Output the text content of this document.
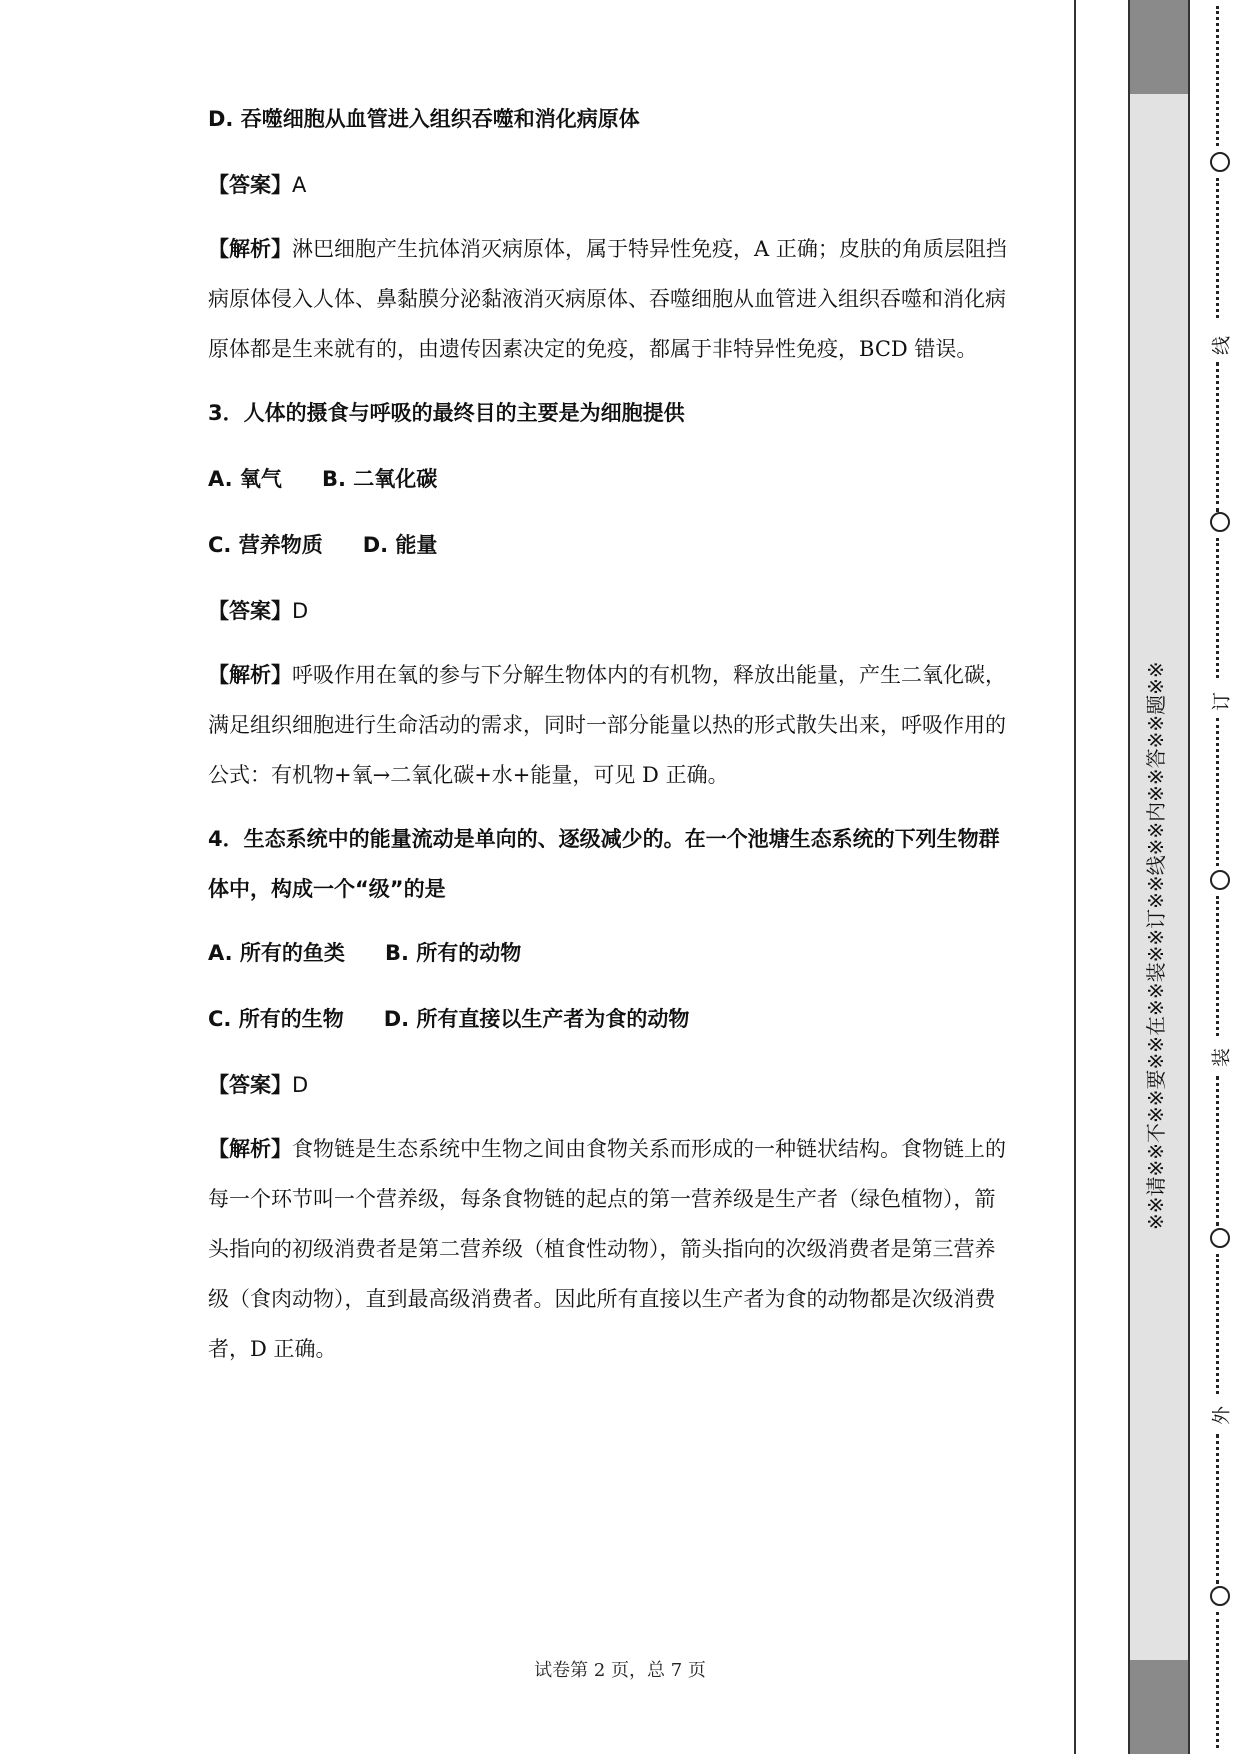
D. 吞噬细胞从血管进入组织吞噬和消化病原体
【答案】A
【解析】淋巴细胞产生抗体消灭病原体，属于特异性免疫，A 正确；皮肤的角质层阻挡
病原体侵入人体、鼻黏膜分泌黏液消灭病原体、吞噬细胞从血管进入组织吞噬和消化病
原体都是生来就有的，由遗传因素决定的免疫，都属于非特异性免疫，BCD 错误。
3．人体的摄食与呼吸的最终目的主要是为细胞提供
A. 氧气 B. 二氧化碳
C. 营养物质 D. 能量
【答案】D
【解析】呼吸作用在氧的参与下分解生物体内的有机物，释放出能量，产生二氧化碳，
满足组织细胞进行生命活动的需求，同时一部分能量以热的形式散失出来，呼吸作用的
公式：有机物+氧→二氧化碳+水+能量，可见 D 正确。
4．生态系统中的能量流动是单向的、逐级减少的。在一个池塘生态系统的下列生物群
体中，构成一个“级”的是
A. 所有的鱼类 B. 所有的动物
C. 所有的生物 D. 所有直接以生产者为食的动物
【答案】D
【解析】食物链是生态系统中生物之间由食物关系而形成的一种链状结构。食物链上的
每一个环节叫一个营养级，每条食物链的起点的第一营养级是生产者（绿色植物），箭
头指向的初级消费者是第二营养级（植食性动物），箭头指向的次级消费者是第三营养
级（食肉动物），直到最高级消费者。因此所有直接以生产者为食的动物都是次级消费
者，D 正确。
试卷第 2 页，总 7 页
线
订
装
外
